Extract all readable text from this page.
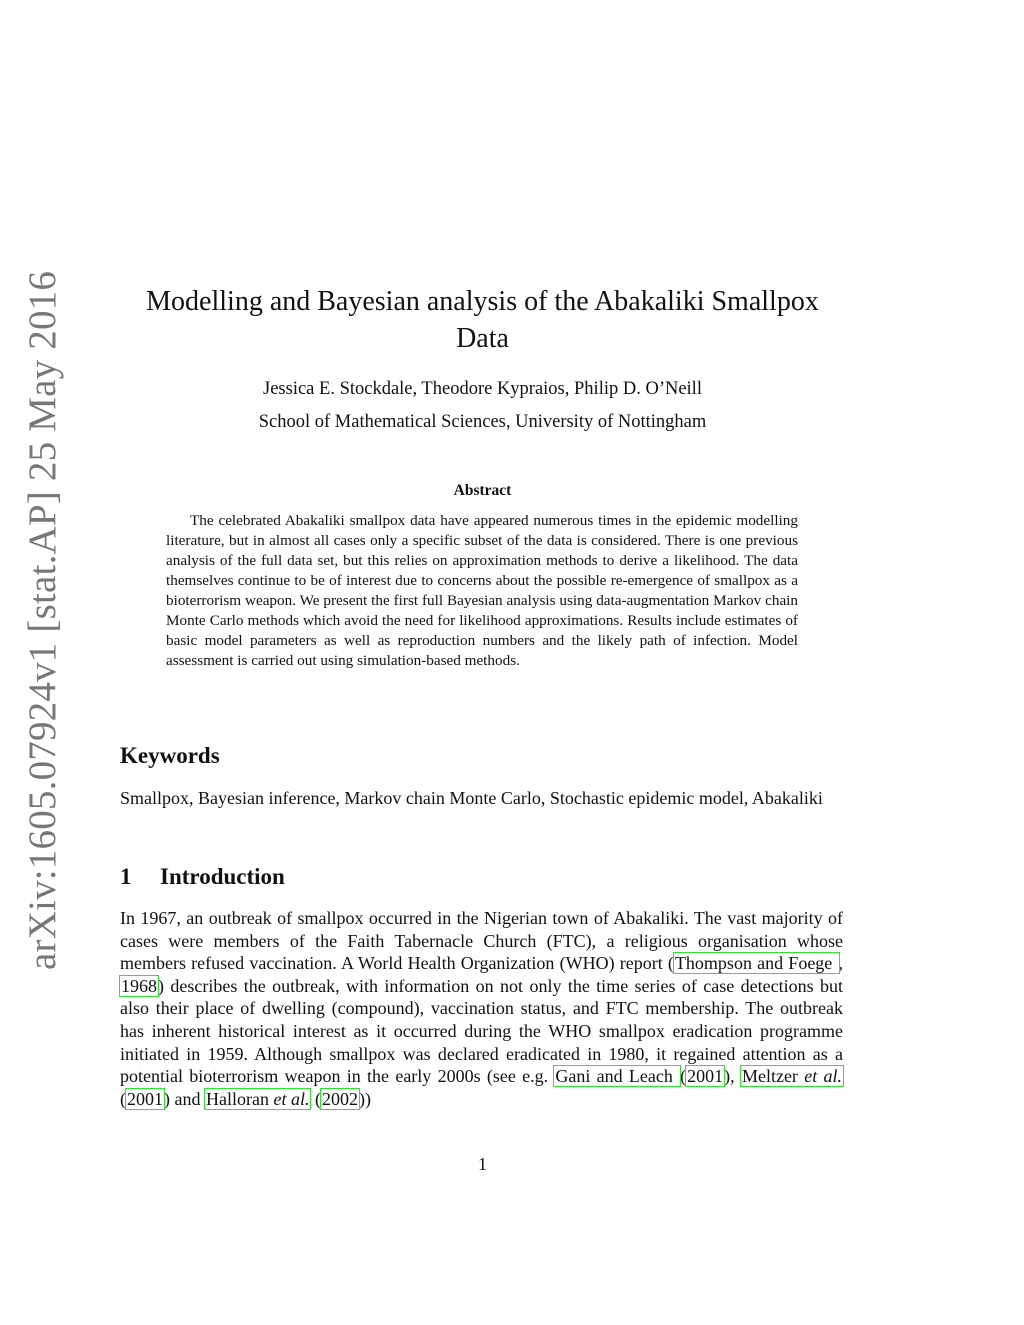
arXiv:1605.07924v1 [stat.AP] 25 May 2016	Modelling and Bayesian analysis of the Abakaliki Smallpox Data
Jessica E. Stockdale, Theodore Kypraios, Philip D. O’Neill
School of Mathematical Sciences, University of Nottingham
Abstract

The celebrated Abakaliki smallpox data have appeared numerous times in the epidemic modelling literature, but in almost all cases only a specific subset of the data is considered. There is one previous analysis of the full data set, but this relies on approximation methods to derive a likelihood. The data themselves continue to be of interest due to concerns about the possible re-emergence of smallpox as a bioterrorism weapon. We present the first full Bayesian analysis using data-augmentation Markov chain Monte Carlo methods which avoid the need for likelihood approximations. Results include estimates of basic model parameters as well as reproduction numbers and the likely path of infection. Model assessment is carried out using simulation-based methods.

Keywords

Smallpox, Bayesian inference, Markov chain Monte Carlo, Stochastic epidemic model, Abakaliki

1 Introduction

In 1967, an outbreak of smallpox occurred in the Nigerian town of Abakaliki. The vast majority of cases were members of the Faith Tabernacle Church (FTC), a religious organisation whose members refused vaccination. A World Health Organization (WHO) report (Thompson and Foege , 1968) describes the outbreak, with information on not only the time series of case detections but also their place of dwelling (compound), vaccination status, and FTC membership. The outbreak has inherent historical interest as it occurred during the WHO smallpox eradication programme initiated in 1959. Although smallpox was declared eradicated in 1980, it regained attention as a potential bioterrorism weapon in the early 2000s (see e.g. Gani and Leach (2001), Meltzer et al. (2001) and Halloran et al. (2002))

1
